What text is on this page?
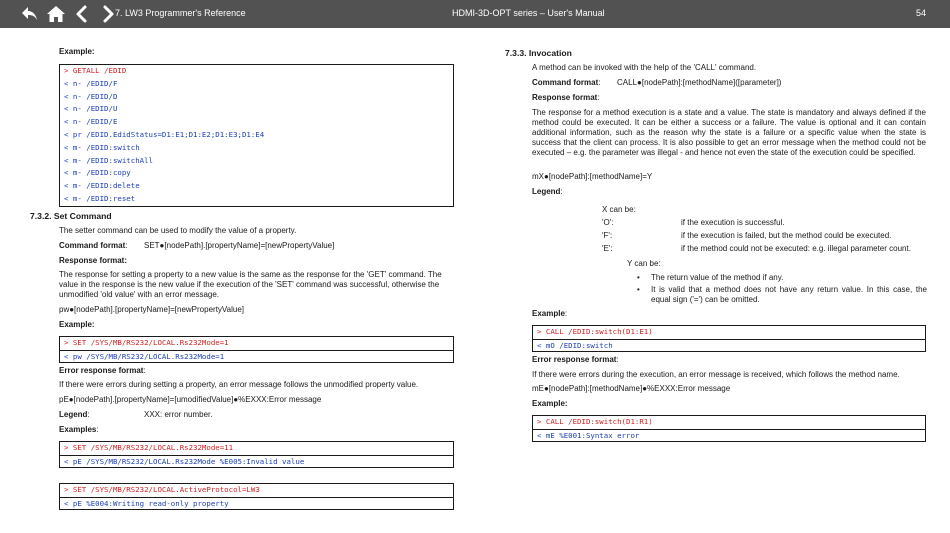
7. LW3 Programmer's Reference	HDMI-3D-OPT series – User's Manual	54
Example:
> GETALL /EDID
< n- /EDID/F
< n- /EDID/D
< n- /EDID/U
< n- /EDID/E
< pr /EDID.EdidStatus=D1:E1;D1:E2;D1:E3;D1:E4
< m- /EDID:switch
< m- /EDID:switchAll
< m- /EDID:copy
< m- /EDID:delete
< m- /EDID:reset
7.3.2. Set Command
The setter command can be used to modify the value of a property.
Command format: SET●[nodePath].[propertyName]=[newPropertyValue]
Response format:
The response for setting a property to a new value is the same as the response for the 'GET' command. The
value in the response is the new value if the execution of the 'SET' command was successful, otherwise the
unmodified 'old value' with an error message.
pw●[nodePath].[propertyName]=[newPropertyValue]
Example:
> SET /SYS/MB/RS232/LOCAL.Rs232Mode=1
< pw /SYS/MB/RS232/LOCAL.Rs232Mode=1
Error response format:
If there were errors during setting a property, an error message follows the unmodified property value.
pE●[nodePath].[propertyName]=[umodifiedValue]●%EXXX:Error message
Legend:	XXX: error number.
Examples:
> SET /SYS/MB/RS232/LOCAL.Rs232Mode=11
< pE /SYS/MB/RS232/LOCAL.Rs232Mode %E005:Invalid value
> SET /SYS/MB/RS232/LOCAL.ActiveProtocol=LW3
< pE %E004:Writing read-only property
7.3.3. Invocation
A method can be invoked with the help of the 'CALL' command.
Command format: CALL●[nodePath]:[methodName]([parameter])
Response format:
The response for a method execution is a state and a value. The state is mandatory and always defined if the method could be executed. It can be either a success or a failure. The value is optional and it can contain additional information, such as the reason why the state is a failure or a specific value when the state is success that the client can process. It is also possible to get an error message when the method could not be executed – e.g. the parameter was illegal - and hence not even the state of the execution could be specified.
mX●[nodePath]:[methodName]=Y
Legend:
X can be:
'O':	if the execution is successful.
'F':	if the execution is failed, but the method could be executed.
'E':	if the method could not be executed: e.g. illegal parameter count.
Y can be:
• The return value of the method if any.
• It is valid that a method does not have any return value. In this case, the equal sign ('=') can be omitted.
Example:
> CALL /EDID:switch(D1:E1)
< mO /EDID:switch
Error response format:
If there were errors during the execution, an error message is received, which follows the method name.
mE●[nodePath]:[methodName]●%EXXX:Error message
Example:
> CALL /EDID:switch(D1:R1)
< mE %E001:Syntax error
